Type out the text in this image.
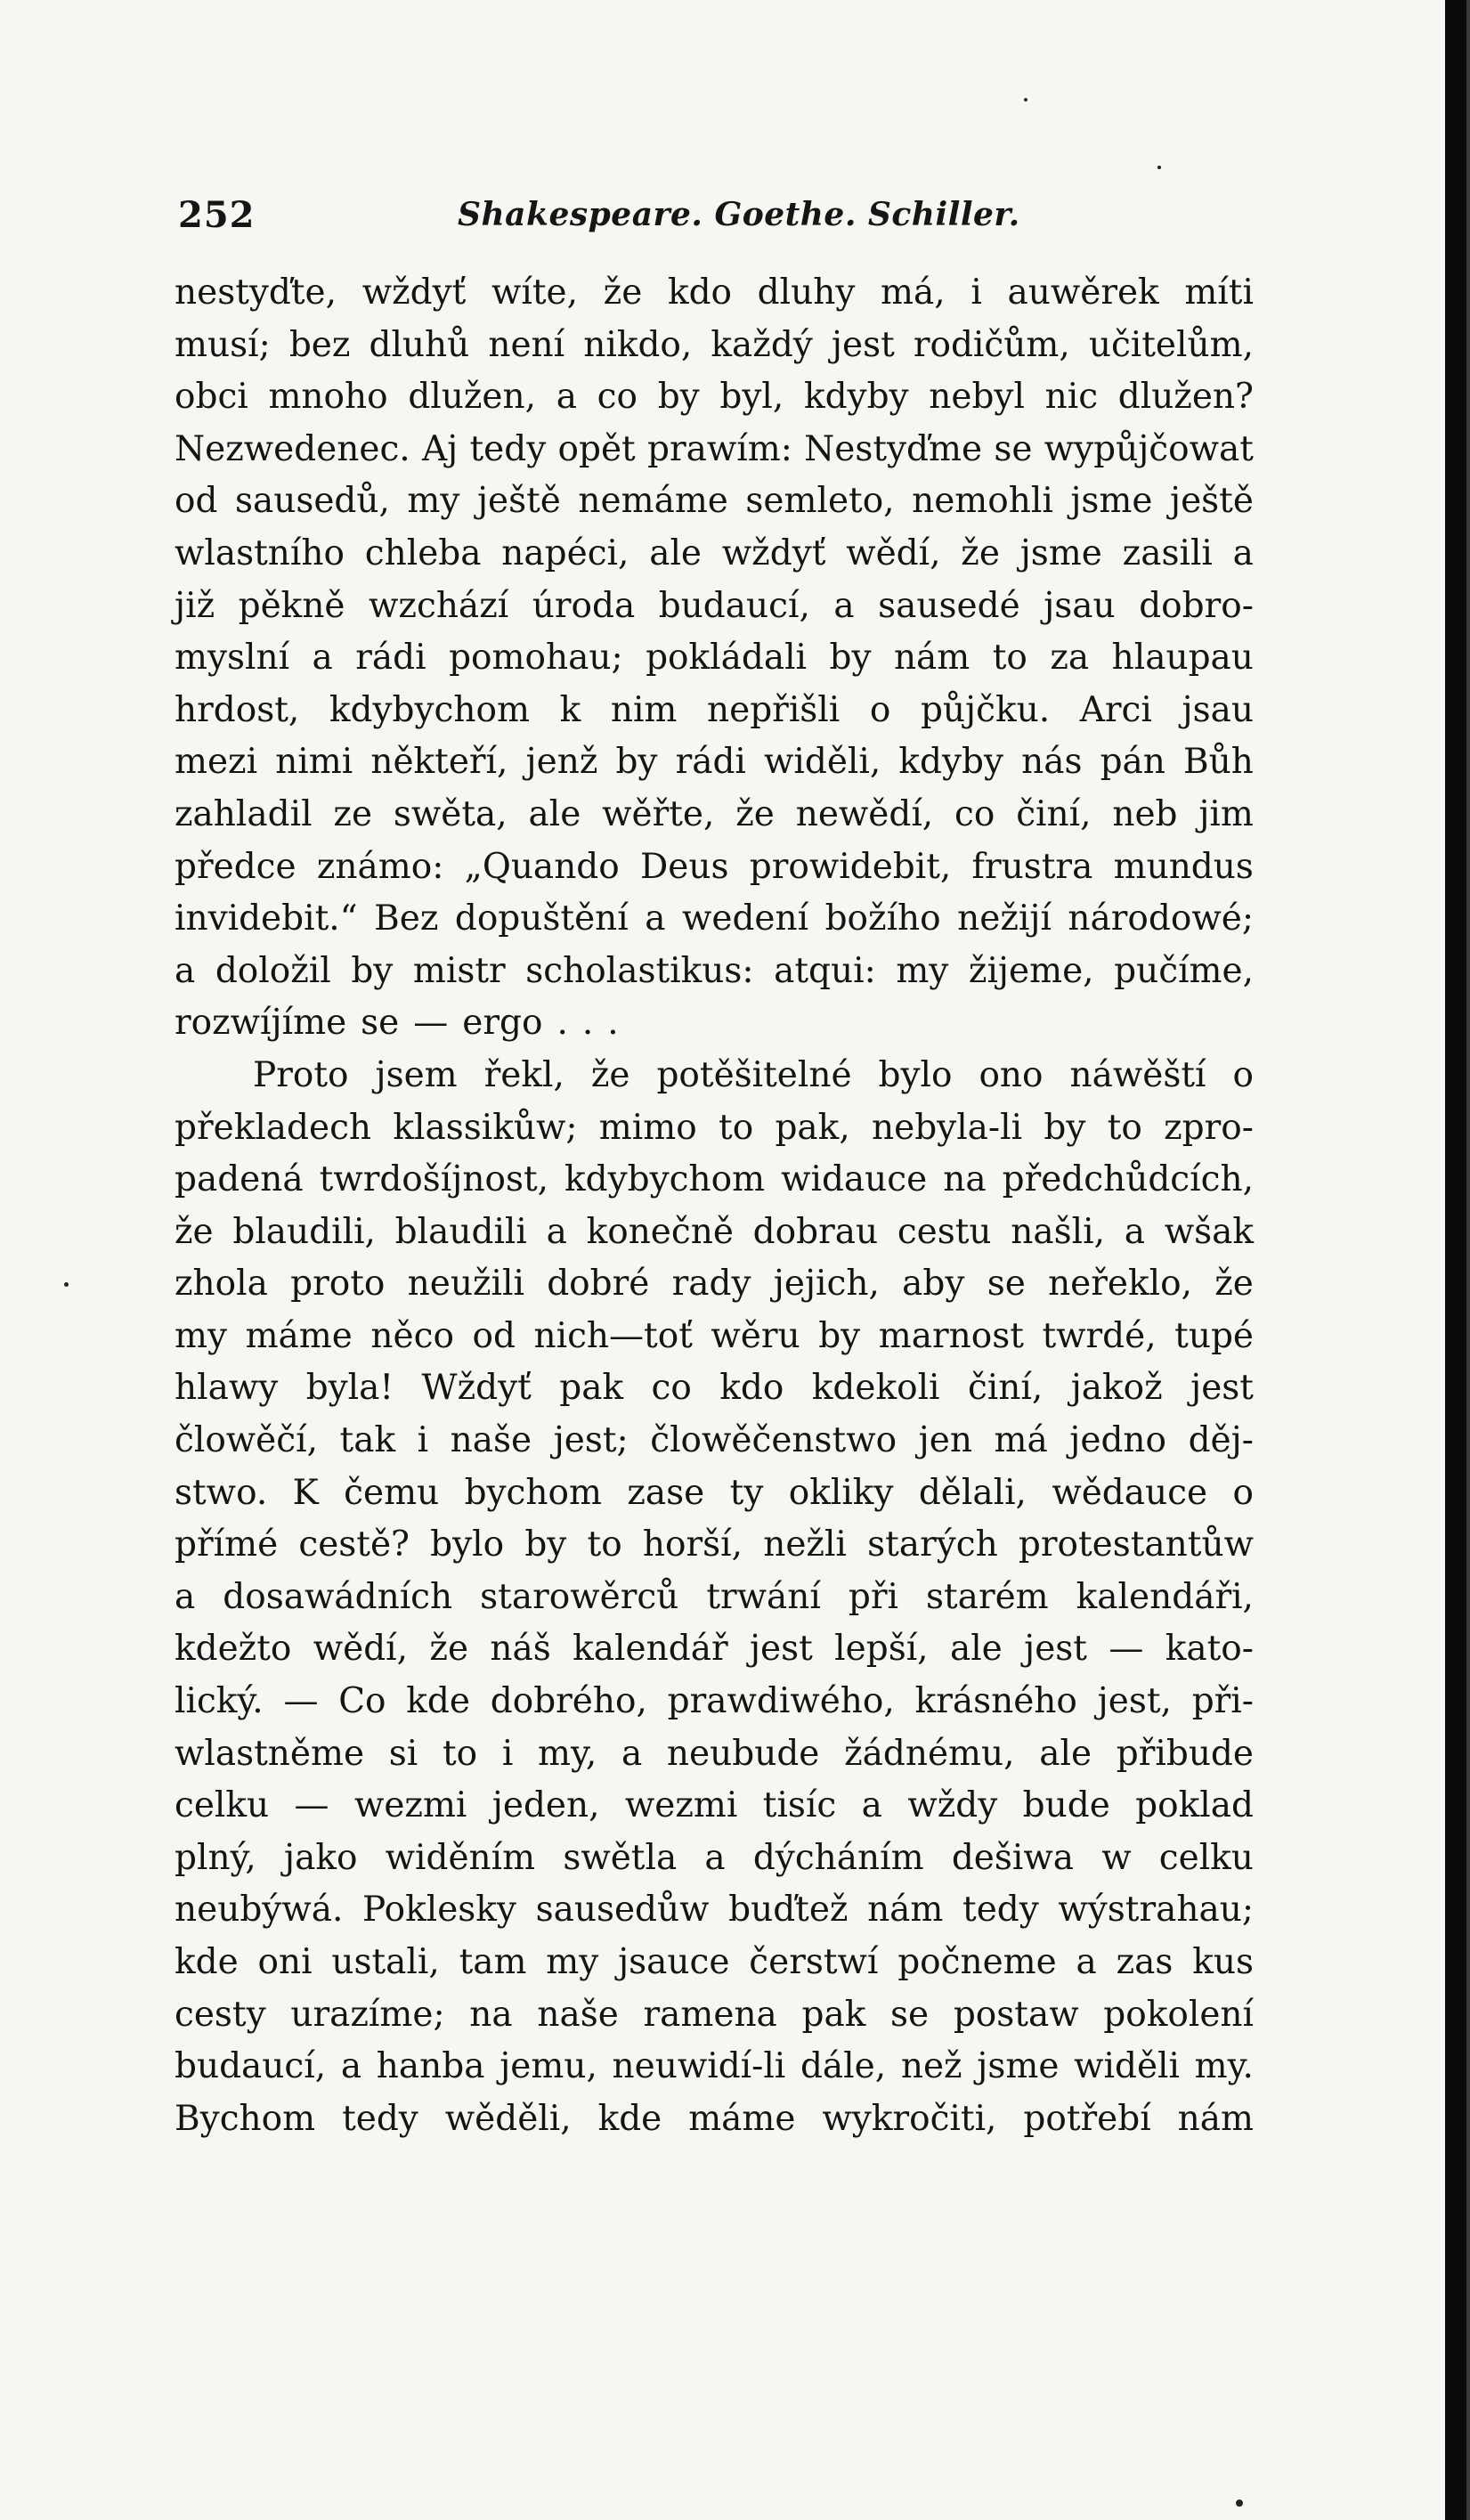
252	Shakespeare. Goethe. Schiller.
nestyďte, wždyť wíte, že kdo dluhy má, i auwěrek míti
musí; bez dluhů není nikdo, každý jest rodičům, učitelům,
obci mnoho dlužen, a co by byl, kdyby nebyl nic dlužen?
Nezwedenec. Aj tedy opět prawím: Nestyďme se wypůjčowat
od sausedů, my ještě nemáme semleto, nemohli jsme ještě
wlastního chleba napéci, ale wždyť wědí, že jsme zasili a
již pěkně wzchází úroda budaucí, a sausedé jsau dobro-
myslní a rádi pomohau; pokládali by nám to za hlaupau
hrdost, kdybychom k nim nepřišli o půjčku. Arci jsau
mezi nimi někteří, jenž by rádi widěli, kdyby nás pán Bůh
zahladil ze swěta, ale wěřte, že newědí, co činí, neb jim
předce známo: „Quando Deus prowidebit, frustra mundus
invidebit.“ Bez dopuštění a wedení božího nežijí národowé;
a doložil by mistr scholastikus: atqui: my žijeme, pučíme,
rozwíjíme se — ergo . . .
Proto jsem řekl, že potěšitelné bylo ono náwěští o
překladech klassikůw; mimo to pak, nebyla-li by to zpro-
padená twrdošíjnost, kdybychom widauce na předchůdcích,
že blaudili, blaudili a konečně dobrau cestu našli, a wšak
zhola proto neužili dobré rady jejich, aby se neřeklo, že
my máme něco od nich—toť wěru by marnost twrdé, tupé
hlawy byla! Wždyť pak co kdo kdekoli činí, jakož jest
člowěčí, tak i naše jest; člowěčenstwo jen má jedno děj-
stwo. K čemu bychom zase ty okliky dělali, wědauce o
přímé cestě? bylo by to horší, nežli starých protestantůw
a dosawádních starowěrců trwání při starém kalendáři,
kdežto wědí, že náš kalendář jest lepší, ale jest — kato-
lický. — Co kde dobrého, prawdiwého, krásného jest, při-
wlastněme si to i my, a neubude žádnému, ale přibude
celku — wezmi jeden, wezmi tisíc a wždy bude poklad
plný, jako widěním swětla a dýcháním dešiwa w celku
neubýwá. Poklesky sausedůw buďtež nám tedy wýstrahau;
kde oni ustali, tam my jsauce čerstwí počneme a zas kus
cesty urazíme; na naše ramena pak se postaw pokolení
budaucí, a hanba jemu, neuwidí-li dále, než jsme widěli my.
Bychom tedy wěděli, kde máme wykročiti, potřebí nám
